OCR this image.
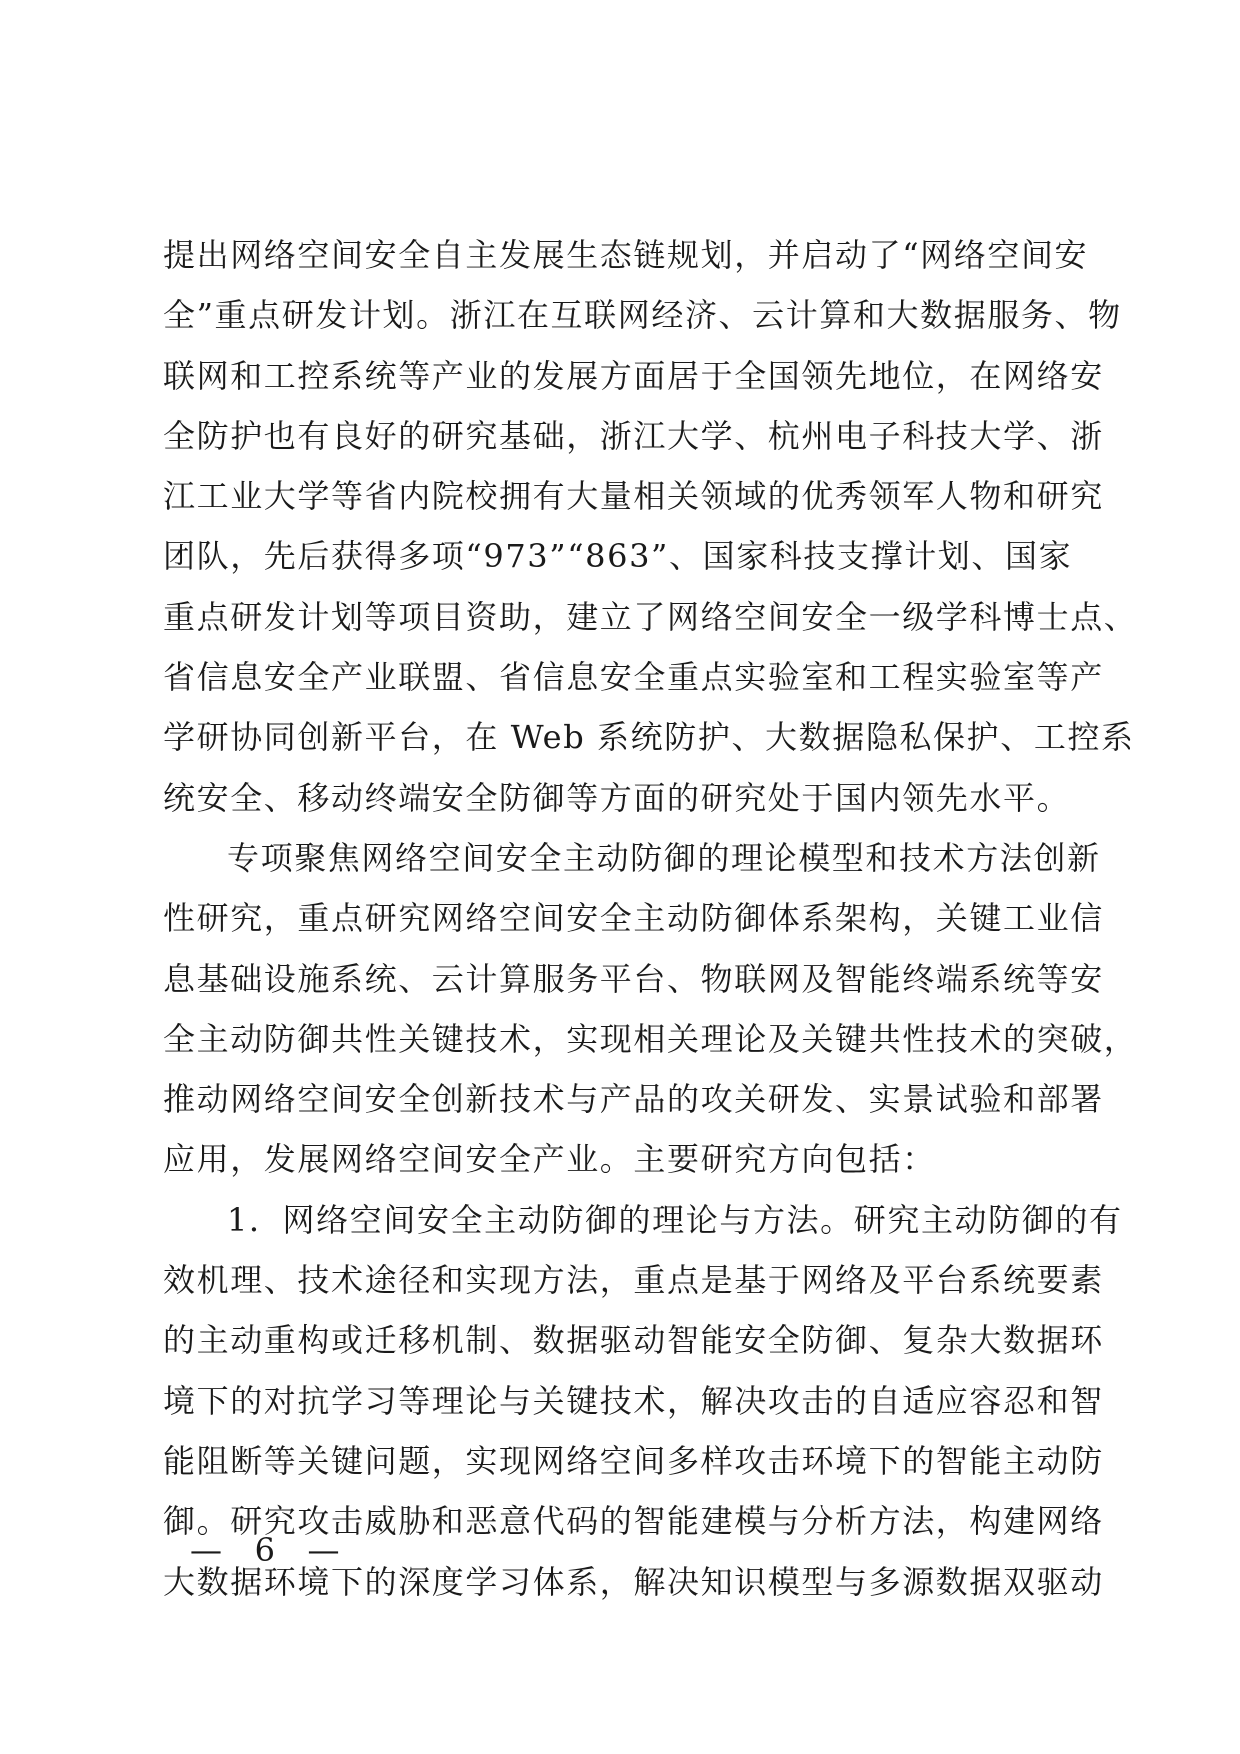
提出网络空间安全自主发展生态链规划，并启动了“网络空间安
全”重点研发计划。浙江在互联网经济、云计算和大数据服务、物
联网和工控系统等产业的发展方面居于全国领先地位，在网络安
全防护也有良好的研究基础，浙江大学、杭州电子科技大学、浙
江工业大学等省内院校拥有大量相关领域的优秀领军人物和研究
团队，先后获得多项“973”“863”、国家科技支撑计划、国家
重点研发计划等项目资助，建立了网络空间安全一级学科博士点、
省信息安全产业联盟、省信息安全重点实验室和工程实验室等产
学研协同创新平台，在 Web 系统防护、大数据隐私保护、工控系
统安全、移动终端安全防御等方面的研究处于国内领先水平。
专项聚焦网络空间安全主动防御的理论模型和技术方法创新
性研究，重点研究网络空间安全主动防御体系架构，关键工业信
息基础设施系统、云计算服务平台、物联网及智能终端系统等安
全主动防御共性关键技术，实现相关理论及关键共性技术的突破，
推动网络空间安全创新技术与产品的攻关研发、实景试验和部署
应用，发展网络空间安全产业。主要研究方向包括：
1．网络空间安全主动防御的理论与方法。研究主动防御的有
效机理、技术途径和实现方法，重点是基于网络及平台系统要素
的主动重构或迁移机制、数据驱动智能安全防御、复杂大数据环
境下的对抗学习等理论与关键技术，解决攻击的自适应容忍和智
能阻断等关键问题，实现网络空间多样攻击环境下的智能主动防
御。研究攻击威胁和恶意代码的智能建模与分析方法，构建网络
大数据环境下的深度学习体系，解决知识模型与多源数据双驱动
— 6 —
